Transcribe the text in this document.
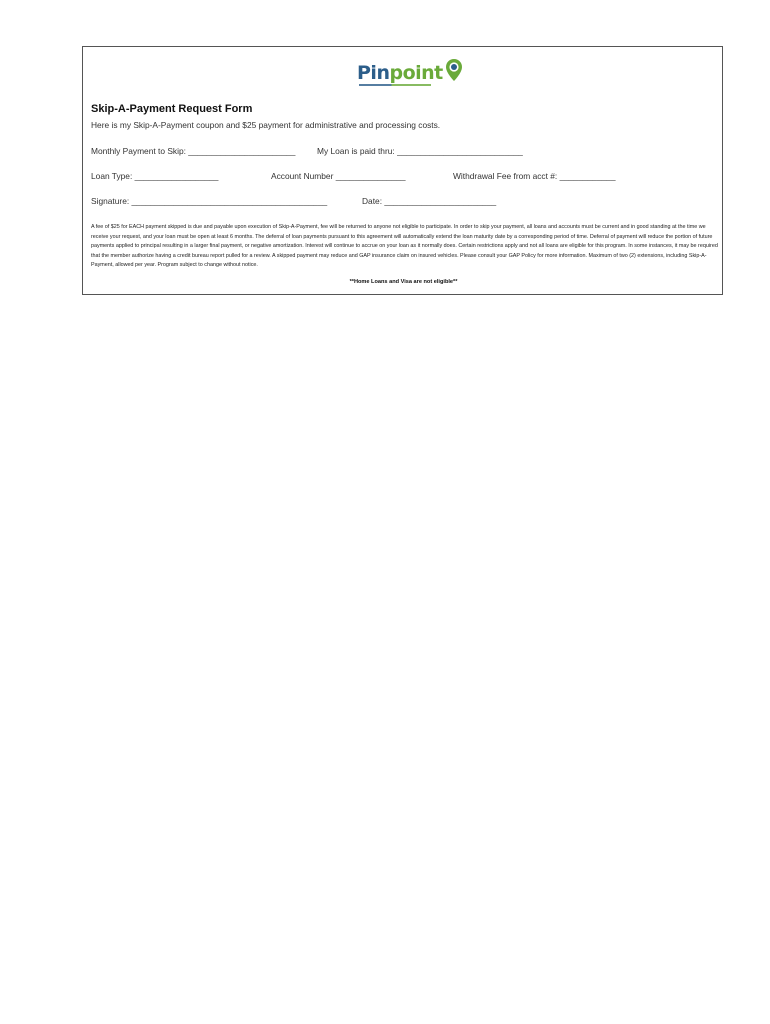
Pinpoint
Skip-A-Payment Request Form
Here is my Skip-A-Payment coupon and $25 payment for administrative and processing costs.
Monthly Payment to Skip: _______________________	My Loan is paid thru: ___________________________
Loan Type: __________________	Account Number _______________	Withdrawal Fee from acct #: ____________
Signature: __________________________________________	Date: ________________________
A fee of $25 for EACH payment skipped is due and payable upon execution of Skip-A-Payment, fee will be returned to anyone not eligible to participate. In order to skip your payment, all loans and accounts must be current and in good standing at the time we receive your request, and your loan must be open at least 6 months. The deferral of loan payments pursuant to this agreement will automatically extend the loan maturity date by a corresponding period of time. Deferral of payment will reduce the portion of future payments applied to principal resulting in a larger final payment, or negative amortization. Interest will continue to accrue on your loan as it normally does. Certain restrictions apply and not all loans are eligible for this program. In some instances, it may be required that the member authorize having a credit bureau report pulled for a review. A skipped payment may reduce and GAP insurance claim on insured vehicles. Please consult your GAP Policy for more information. Maximum of two (2) extensions, including Skip-A-Payment, allowed per year. Program subject to change without notice.
**Home Loans and Visa are not eligible**
